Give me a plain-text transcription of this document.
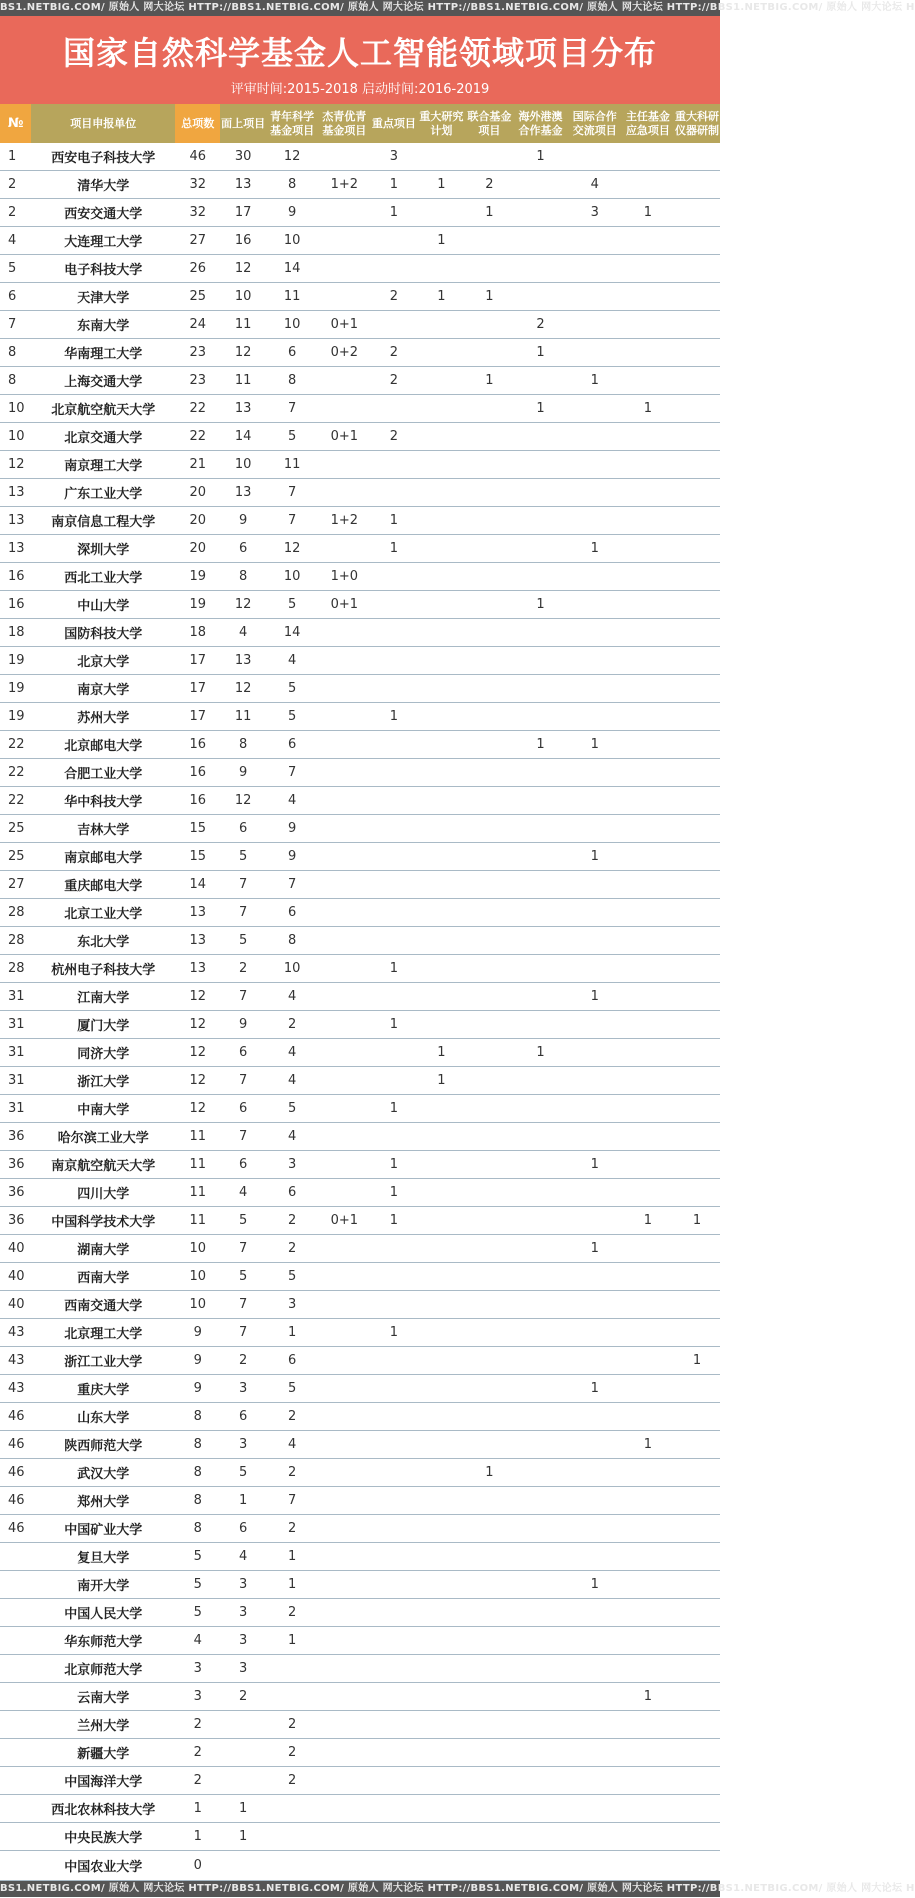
BS1.NETBIG.COM/ 原始人 网大论坛 HTTP://BBS1.NETBIG.COM/ 原始人 网大论坛 HTTP://BBS1.NETBIG.COM/ 原始人 网大论坛 HTTP://BBS1.NETBIG.COM/ 原始人 网大论坛 H
国家自然科学基金人工智能领域项目分布
评审时间:2015-2018 启动时间:2016-2019
№	项目申报单位	总项数	面上项目	青年科学基金项目	杰青优青基金项目	重点项目	重大研究计划	联合基金项目	海外港澳合作基金	国际合作交流项目	主任基金应急项目	重大科研仪器研制
1	西安电子科技大学	46	30	12		3			1			
2	清华大学	32	13	8	1+2	1	1	2		4		
2	西安交通大学	32	17	9		1		1		3	1	
4	大连理工大学	27	16	10			1					
5	电子科技大学	26	12	14								
6	天津大学	25	10	11		2	1	1				
7	东南大学	24	11	10	0+1				2			
8	华南理工大学	23	12	6	0+2	2			1			
8	上海交通大学	23	11	8		2		1		1		
10	北京航空航天大学	22	13	7					1		1	
10	北京交通大学	22	14	5	0+1	2						
12	南京理工大学	21	10	11								
13	广东工业大学	20	13	7								
13	南京信息工程大学	20	9	7	1+2	1						
13	深圳大学	20	6	12		1				1		
16	西北工业大学	19	8	10	1+0							
16	中山大学	19	12	5	0+1				1			
18	国防科技大学	18	4	14								
19	北京大学	17	13	4								
19	南京大学	17	12	5								
19	苏州大学	17	11	5		1						
22	北京邮电大学	16	8	6					1	1		
22	合肥工业大学	16	9	7								
22	华中科技大学	16	12	4								
25	吉林大学	15	6	9								
25	南京邮电大学	15	5	9						1		
27	重庆邮电大学	14	7	7								
28	北京工业大学	13	7	6								
28	东北大学	13	5	8								
28	杭州电子科技大学	13	2	10		1						
31	江南大学	12	7	4						1		
31	厦门大学	12	9	2		1						
31	同济大学	12	6	4			1		1			
31	浙江大学	12	7	4			1					
31	中南大学	12	6	5		1						
36	哈尔滨工业大学	11	7	4								
36	南京航空航天大学	11	6	3		1				1		
36	四川大学	11	4	6		1						
36	中国科学技术大学	11	5	2	0+1	1					1	1
40	湖南大学	10	7	2						1		
40	西南大学	10	5	5								
40	西南交通大学	10	7	3								
43	北京理工大学	9	7	1		1						
43	浙江工业大学	9	2	6								1
43	重庆大学	9	3	5						1		
46	山东大学	8	6	2								
46	陕西师范大学	8	3	4							1	
46	武汉大学	8	5	2				1				
46	郑州大学	8	1	7								
46	中国矿业大学	8	6	2								
	复旦大学	5	4	1								
	南开大学	5	3	1						1		
	中国人民大学	5	3	2								
	华东师范大学	4	3	1								
	北京师范大学	3	3									
	云南大学	3	2								1	
	兰州大学	2		2								
	新疆大学	2		2								
	中国海洋大学	2		2								
	西北农林科技大学	1	1									
	中央民族大学	1	1									
	中国农业大学	0										
BS1.NETBIG.COM/ 原始人 网大论坛 HTTP://BBS1.NETBIG.COM/ 原始人 网大论坛 HTTP://BBS1.NETBIG.COM/ 原始人 网大论坛 HTTP://BBS1.NETBIG.COM/ 原始人 网大论坛 H
